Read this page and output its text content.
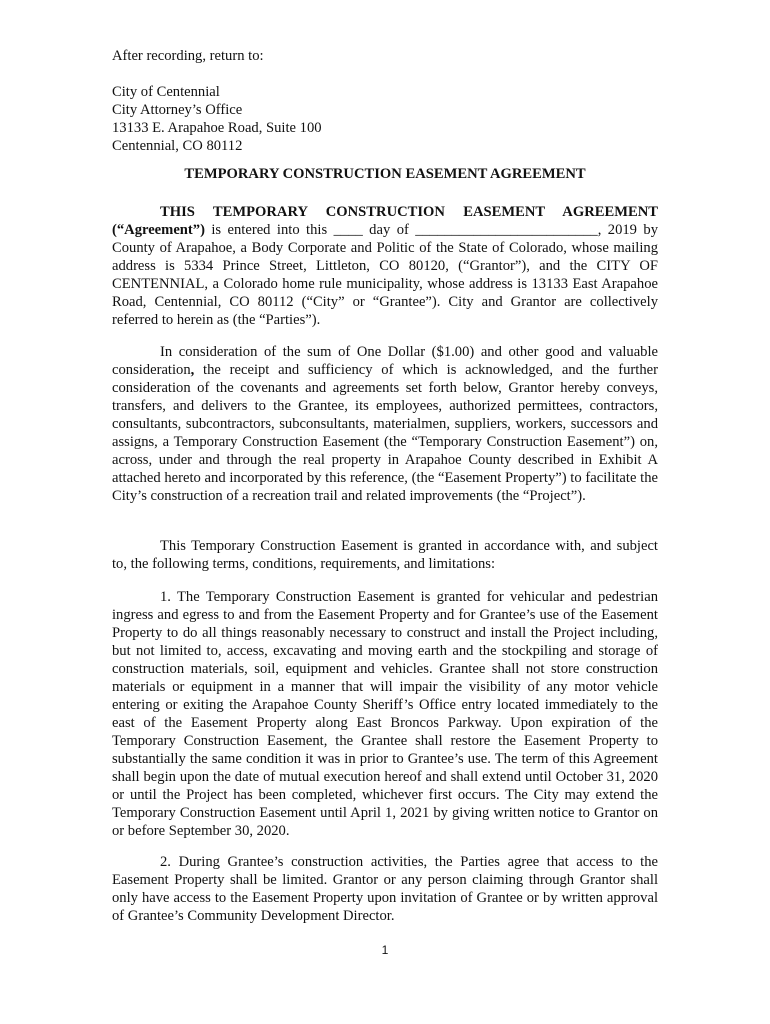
After recording, return to:

City of Centennial

City Attorney’s Office

13133 E. Arapahoe Road, Suite 100

Centennial, CO 80112

TEMPORARY CONSTRUCTION EASEMENT AGREEMENT

THIS TEMPORARY CONSTRUCTION EASEMENT AGREEMENT (“Agreement”) is entered into this ____ day of _________________________, 2019 by County of Arapahoe, a Body Corporate and Politic of the State of Colorado, whose mailing address is 5334 Prince Street, Littleton, CO 80120, (“Grantor”), and the CITY OF CENTENNIAL, a Colorado home rule municipality, whose address is 13133 East Arapahoe Road, Centennial, CO 80112 (“City” or “Grantee”). City and Grantor are collectively referred to herein as (the “Parties”).

In consideration of the sum of One Dollar ($1.00) and other good and valuable consideration, the receipt and sufficiency of which is acknowledged, and the further consideration of the covenants and agreements set forth below, Grantor hereby conveys, transfers, and delivers to the Grantee, its employees, authorized permittees, contractors, consultants, subcontractors, subconsultants, materialmen, suppliers, workers, successors and assigns, a Temporary Construction Easement (the “Temporary Construction Easement”) on, across, under and through the real property in Arapahoe County described in Exhibit A attached hereto and incorporated by this reference, (the “Easement Property”) to facilitate the City’s construction of a recreation trail and related improvements (the “Project”).

This Temporary Construction Easement is granted in accordance with, and subject to, the following terms, conditions, requirements, and limitations:

1. The Temporary Construction Easement is granted for vehicular and pedestrian ingress and egress to and from the Easement Property and for Grantee’s use of the Easement Property to do all things reasonably necessary to construct and install the Project including, but not limited to, access, excavating and moving earth and the stockpiling and storage of construction materials, soil, equipment and vehicles. Grantee shall not store construction materials or equipment in a manner that will impair the visibility of any motor vehicle entering or exiting the Arapahoe County Sheriff’s Office entry located immediately to the east of the Easement Property along East Broncos Parkway. Upon expiration of the Temporary Construction Easement, the Grantee shall restore the Easement Property to substantially the same condition it was in prior to Grantee’s use. The term of this Agreement shall begin upon the date of mutual execution hereof and shall extend until October 31, 2020 or until the Project has been completed, whichever first occurs. The City may extend the Temporary Construction Easement until April 1, 2021 by giving written notice to Grantor on or before September 30, 2020.

2. During Grantee’s construction activities, the Parties agree that access to the Easement Property shall be limited. Grantor or any person claiming through Grantor shall only have access to the Easement Property upon invitation of Grantee or by written approval of Grantee’s Community Development Director.

1
